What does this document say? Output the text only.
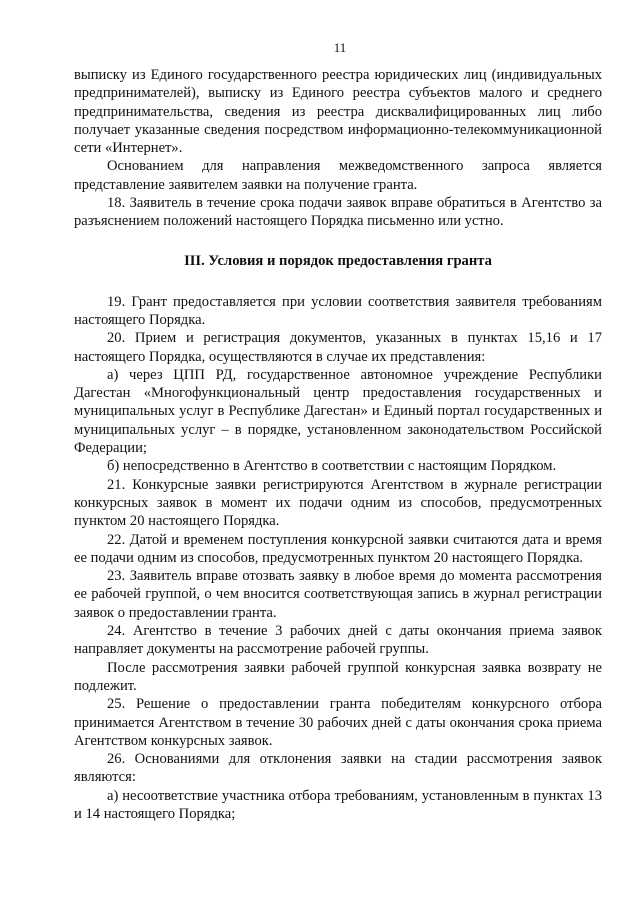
11

выписку из Единого государственного реестра юридических лиц (индивидуальных предпринимателей), выписку из Единого реестра субъектов малого и среднего предпринимательства, сведения из реестра дисквалифицированных лиц либо получает указанные сведения посредством информационно-телекоммуникационной сети «Интернет».

Основанием для направления межведомственного запроса является представление заявителем заявки на получение гранта.

18. Заявитель в течение срока подачи заявок вправе обратиться в Агентство за разъяснением положений настоящего Порядка письменно или устно.

III. Условия и порядок предоставления гранта

19. Грант предоставляется при условии соответствия заявителя требованиям настоящего Порядка.

20. Прием и регистрация документов, указанных в пунктах 15,16 и 17 настоящего Порядка, осуществляются в случае их представления:

а) через ЦПП РД, государственное автономное учреждение Республики Дагестан «Многофункциональный центр предоставления государственных и муниципальных услуг в Республике Дагестан» и Единый портал государственных и муниципальных услуг – в порядке, установленном законодательством Российской Федерации;

б) непосредственно в Агентство в соответствии с настоящим Порядком.

21. Конкурсные заявки регистрируются Агентством в журнале регистрации конкурсных заявок в момент их подачи одним из способов, предусмотренных пунктом 20 настоящего Порядка.

22. Датой и временем поступления конкурсной заявки считаются дата и время ее подачи одним из способов, предусмотренных пунктом 20 настоящего Порядка.

23. Заявитель вправе отозвать заявку в любое время до момента рассмотрения ее рабочей группой, о чем вносится соответствующая запись в журнал регистрации заявок о предоставлении гранта.

24. Агентство в течение 3 рабочих дней с даты окончания приема заявок направляет документы на рассмотрение рабочей группы.

После рассмотрения заявки рабочей группой конкурсная заявка возврату не подлежит.

25. Решение о предоставлении гранта победителям конкурсного отбора принимается Агентством в течение 30 рабочих дней с даты окончания срока приема Агентством конкурсных заявок.

26. Основаниями для отклонения заявки на стадии рассмотрения заявок являются:

а) несоответствие участника отбора требованиям, установленным в пунктах 13 и 14 настоящего Порядка;
